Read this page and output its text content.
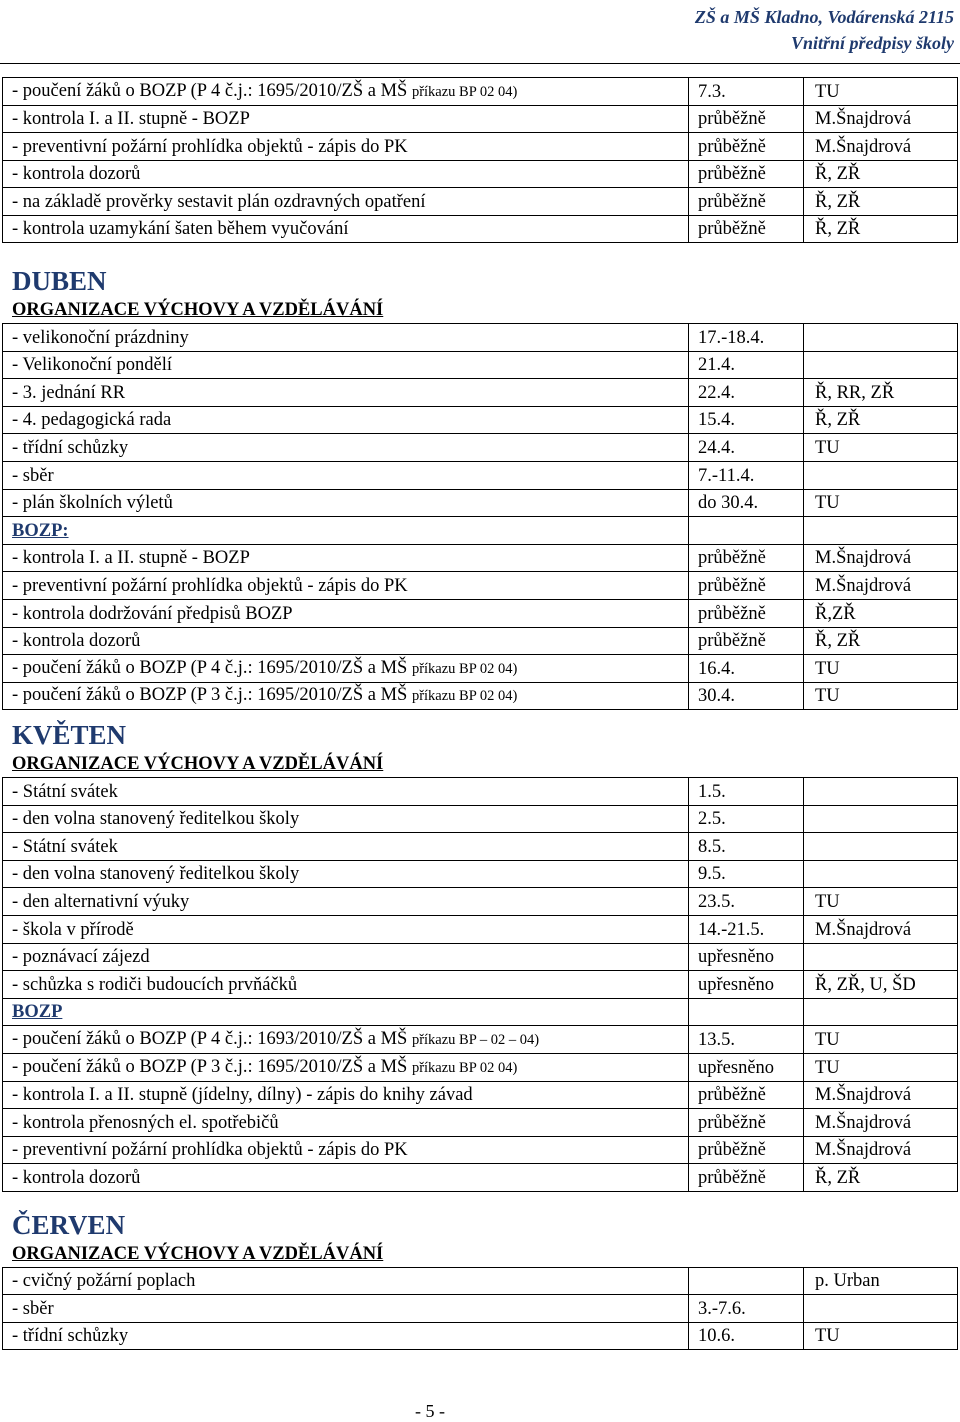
ZŠ a MŠ Kladno, Vodárenská 2115
Vnitřní předpisy školy
- poučení žáků o BOZP (P 4 č.j.: 1695/2010/ZŠ a MŠ příkazu BP 02 04)	7.3.	TU
- kontrola I. a II. stupně - BOZP	průběžně	M.Šnajdrová
- preventivní požární prohlídka objektů - zápis do PK	průběžně	M.Šnajdrová
- kontrola dozorů	průběžně	Ř, ZŘ
- na základě prověrky sestavit plán ozdravných opatření	průběžně	Ř, ZŘ
- kontrola uzamykání šaten během vyučování	průběžně	Ř, ZŘ
DUBEN
ORGANIZACE VÝCHOVY A VZDĚLÁVÁNÍ
- velikonoční prázdniny	17.-18.4.	
- Velikonoční pondělí	21.4.	
- 3. jednání RR	22.4.	Ř, RR, ZŘ
- 4. pedagogická rada	15.4.	Ř, ZŘ
- třídní schůzky	24.4.	TU
- sběr	7.-11.4.	
- plán školních výletů	do 30.4.	TU
BOZP:		
- kontrola I. a II. stupně - BOZP	průběžně	M.Šnajdrová
- preventivní požární prohlídka objektů - zápis do PK	průběžně	M.Šnajdrová
- kontrola dodržování předpisů BOZP	průběžně	Ř,ZŘ
- kontrola dozorů	průběžně	Ř, ZŘ
- poučení žáků o BOZP (P 4 č.j.: 1695/2010/ZŠ a MŠ příkazu BP 02 04)	16.4.	TU
- poučení žáků o BOZP (P 3 č.j.: 1695/2010/ZŠ a MŠ příkazu BP 02 04)	30.4.	TU
KVĚTEN
ORGANIZACE VÝCHOVY A VZDĚLÁVÁNÍ
- Státní svátek	1.5.	
- den volna stanovený ředitelkou školy	2.5.	
- Státní svátek	8.5.	
- den volna stanovený ředitelkou školy	9.5.	
- den alternativní výuky	23.5.	TU
- škola v přírodě	14.-21.5.	M.Šnajdrová
- poznávací zájezd	upřesněno	
- schůzka s rodiči budoucích prvňáčků	upřesněno	Ř, ZŘ, U, ŠD
BOZP		
- poučení žáků o BOZP (P 4 č.j.: 1693/2010/ZŠ a MŠ příkazu BP – 02 – 04)	13.5.	TU
- poučení žáků o BOZP (P 3 č.j.: 1695/2010/ZŠ a MŠ příkazu BP 02 04)	upřesněno	TU
- kontrola I. a II. stupně (jídelny, dílny) - zápis do knihy závad	průběžně	M.Šnajdrová
- kontrola přenosných el. spotřebičů	průběžně	M.Šnajdrová
- preventivní požární prohlídka objektů - zápis do PK	průběžně	M.Šnajdrová
- kontrola dozorů	průběžně	Ř, ZŘ
ČERVEN
ORGANIZACE VÝCHOVY A VZDĚLÁVÁNÍ
- cvičný požární poplach		p. Urban
- sběr	3.-7.6.	
- třídní schůzky	10.6.	TU
- 5 -
